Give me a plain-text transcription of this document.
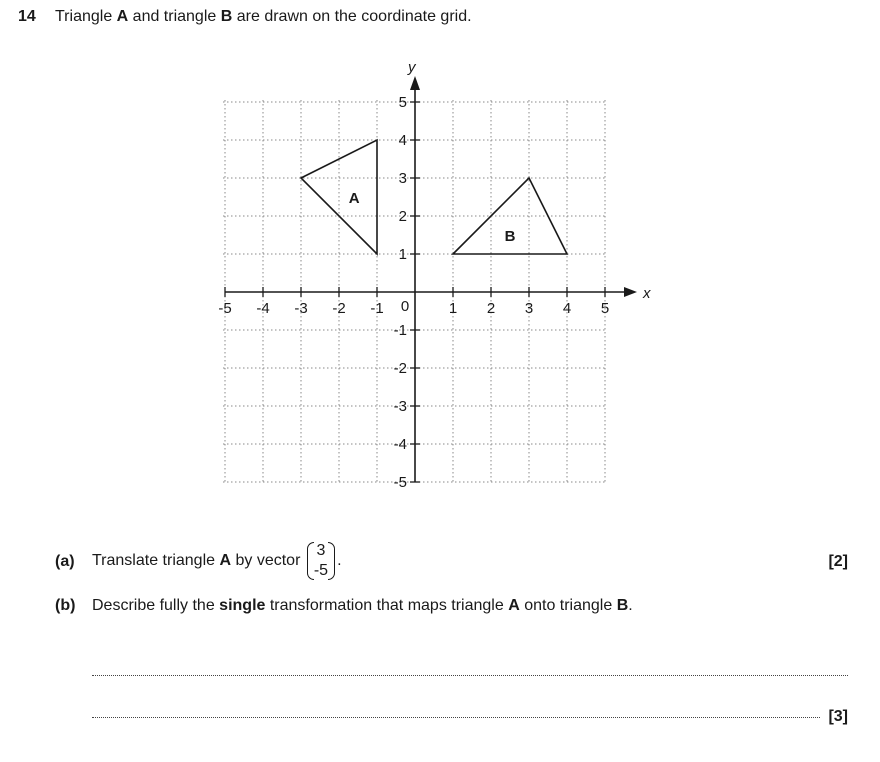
14 Triangle A and triangle B are drawn on the coordinate grid.
x
y
-5 -4 -3 -2 -1	1 2 3 4 5
5
4
3
2
1
-1
-2
-3
-4
-5
0
A
B
(a) Translate triangle A by vector
3
-5
.	[2]
(b) Describe fully the single transformation that maps triangle A onto triangle B.
[3]
